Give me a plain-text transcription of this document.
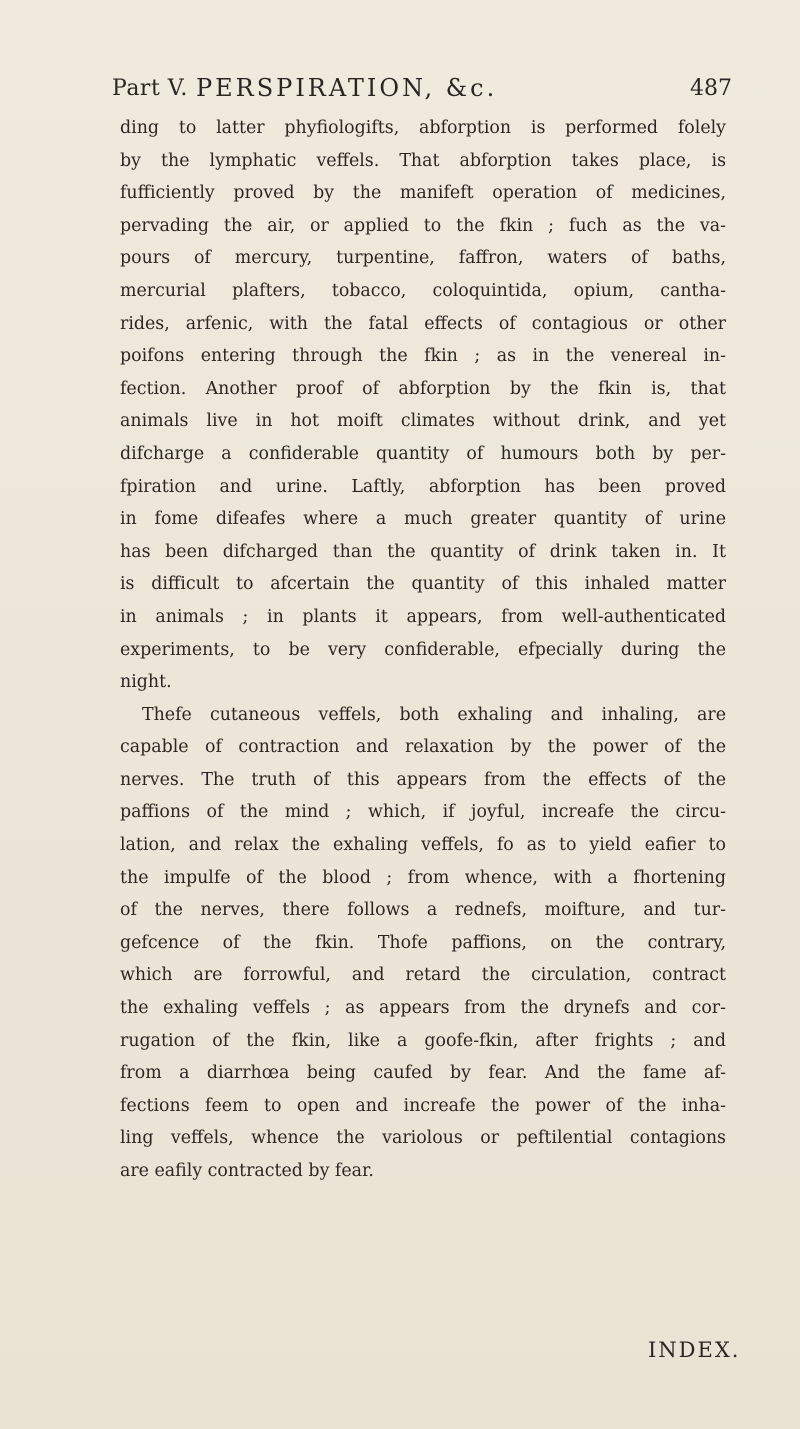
Part V. PERSPIRATION, &c.	487
ding to latter phyfiologifts, abforption is performed folely
by the lymphatic veffels. That abforption takes place, is
fufficiently proved by the manifeft operation of medicines,
pervading the air, or applied to the fkin ; fuch as the va-
pours of mercury, turpentine, faffron, waters of baths,
mercurial plafters, tobacco, coloquintida, opium, cantha-
rides, arfenic, with the fatal effects of contagious or other
poifons entering through the fkin ; as in the venereal in-
fection. Another proof of abforption by the fkin is, that
animals live in hot moift climates without drink, and yet
difcharge a confiderable quantity of humours both by per-
fpiration and urine. Laftly, abforption has been proved
in fome difeafes where a much greater quantity of urine
has been difcharged than the quantity of drink taken in. It
is difficult to afcertain the quantity of this inhaled matter
in animals ; in plants it appears, from well-authenticated
experiments, to be very confiderable, efpecially during the
night.
Thefe cutaneous veffels, both exhaling and inhaling, are
capable of contraction and relaxation by the power of the
nerves. The truth of this appears from the effects of the
paffions of the mind ; which, if joyful, increafe the circu-
lation, and relax the exhaling veffels, fo as to yield eafier to
the impulfe of the blood ; from whence, with a fhortening
of the nerves, there follows a rednefs, moifture, and tur-
gefcence of the fkin. Thofe paffions, on the contrary,
which are forrowful, and retard the circulation, contract
the exhaling veffels ; as appears from the drynefs and cor-
rugation of the fkin, like a goofe-fkin, after frights ; and
from a diarrhœa being caufed by fear. And the fame af-
fections feem to open and increafe the power of the inha-
ling veffels, whence the variolous or peftilential contagions
are eafily contracted by fear.
INDEX.
